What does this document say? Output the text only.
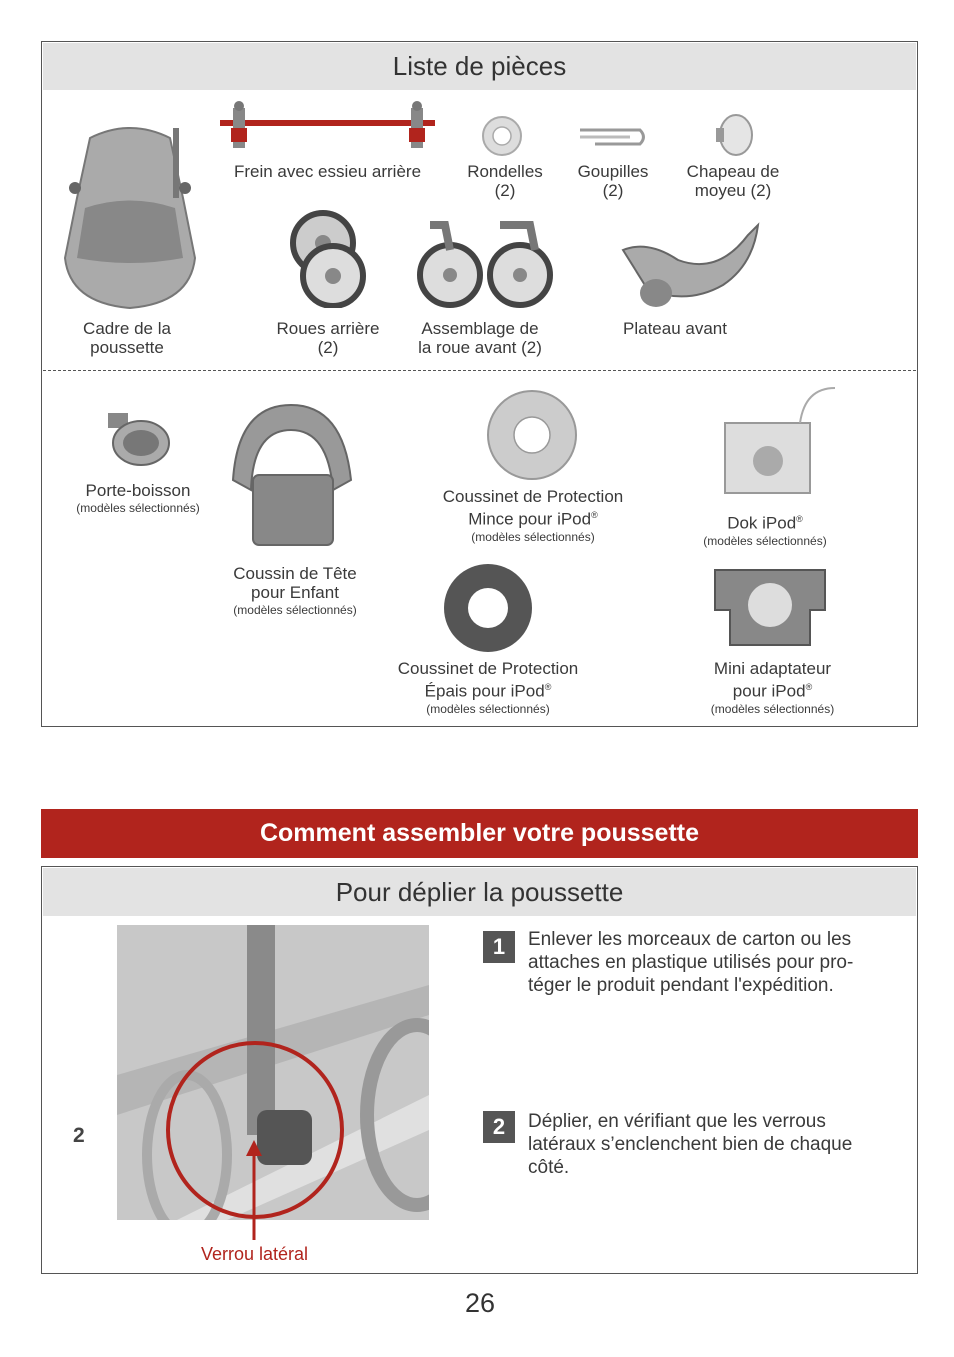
Liste de pièces
Frein avec essieu arrière	Rondelles
(2)
Goupilles
(2)
Chapeau de
moyeu (2)
Cadre de la
poussette
Roues arrière
(2)
Assemblage de
la roue avant (2)
Plateau avant
Porte-boisson
(modèles sélectionnés)
Coussin de Tête
pour Enfant
(modèles sélectionnés)
Coussinet de Protection
Mince pour iPod®
(modèles sélectionnés)
Dok iPod®
(modèles sélectionnés)
Coussinet de Protection
Épais pour iPod®
(modèles sélectionnés)
Mini adaptateur
pour iPod®
(modèles sélectionnés)
Comment assembler votre poussette
Pour déplier la poussette
2
Verrou latéral
1	Enlever les morceaux de carton ou les attaches en plastique utilisés pour pro-téger le produit pendant l'expédition.
2	Déplier, en vérifiant que les verrous latéraux s’enclenchent bien de chaque côté.
26
